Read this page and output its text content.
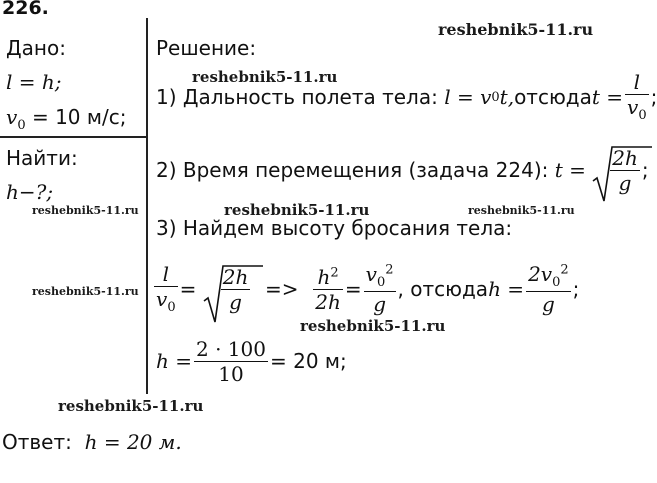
226.
Дано:
l = h;
$v_0 = 10$ м/с;
Найти:
h−?;
Решение:
1) Дальность полета тела:
l = v 0 t, отсюда $t = \frac{l}{v_0}$ ;
2) Время перемещения (задача 224):
t =
$\frac{2h}{g}$ ;
3) Найдем высоту бросания тела:
$\frac{l}{v_0}$ =
$\frac{2h}{g}$
=>
$\frac{h^2}{2h} = \frac{v_0^2}{g}$ , отсюда $h = \frac{2v_0^2}{g}$ ;
$h = \frac{2 \cdot 100}{10} = 20$ м;
Ответ: h = 20 м.
reshebnik5-11.ru
reshebnik5-11.ru
reshebnik5-11.ru	reshebnik5-11.ru	reshebnik5-11.ru
reshebnik5-11.ru
reshebnik5-11.ru
reshebnik5-11.ru
